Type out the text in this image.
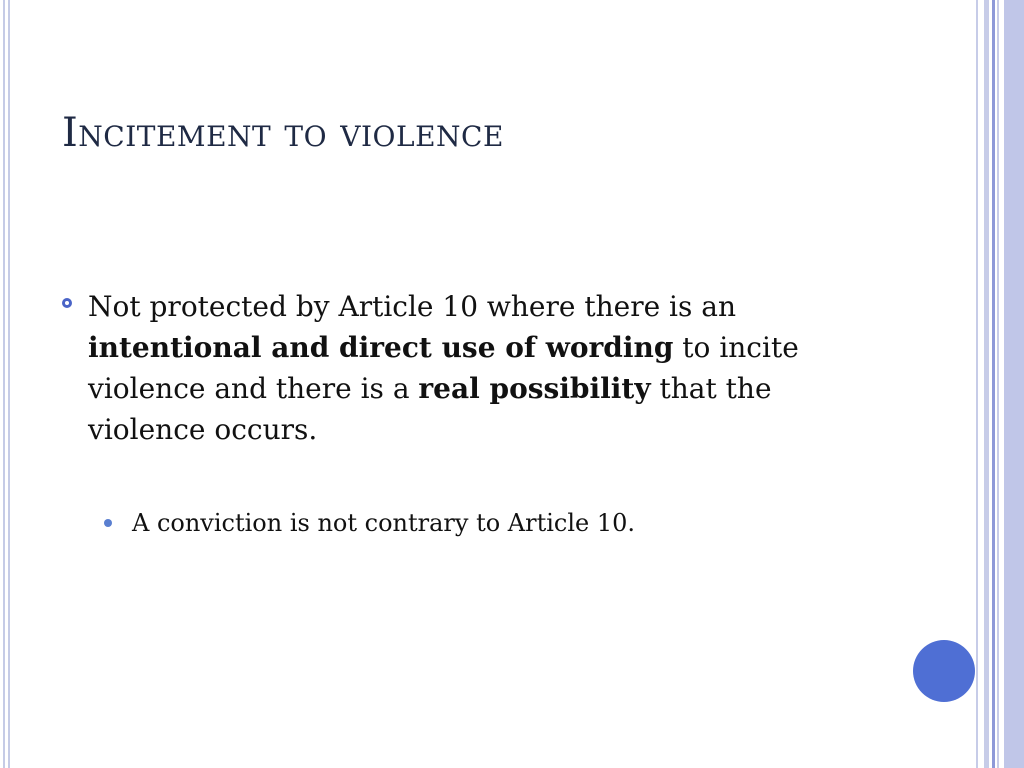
Incitement to violence
Not protected by Article 10 where there is an intentional and direct use of wording to incite violence and there is a real possibility that the violence occurs.
A conviction is not contrary to Article 10.
